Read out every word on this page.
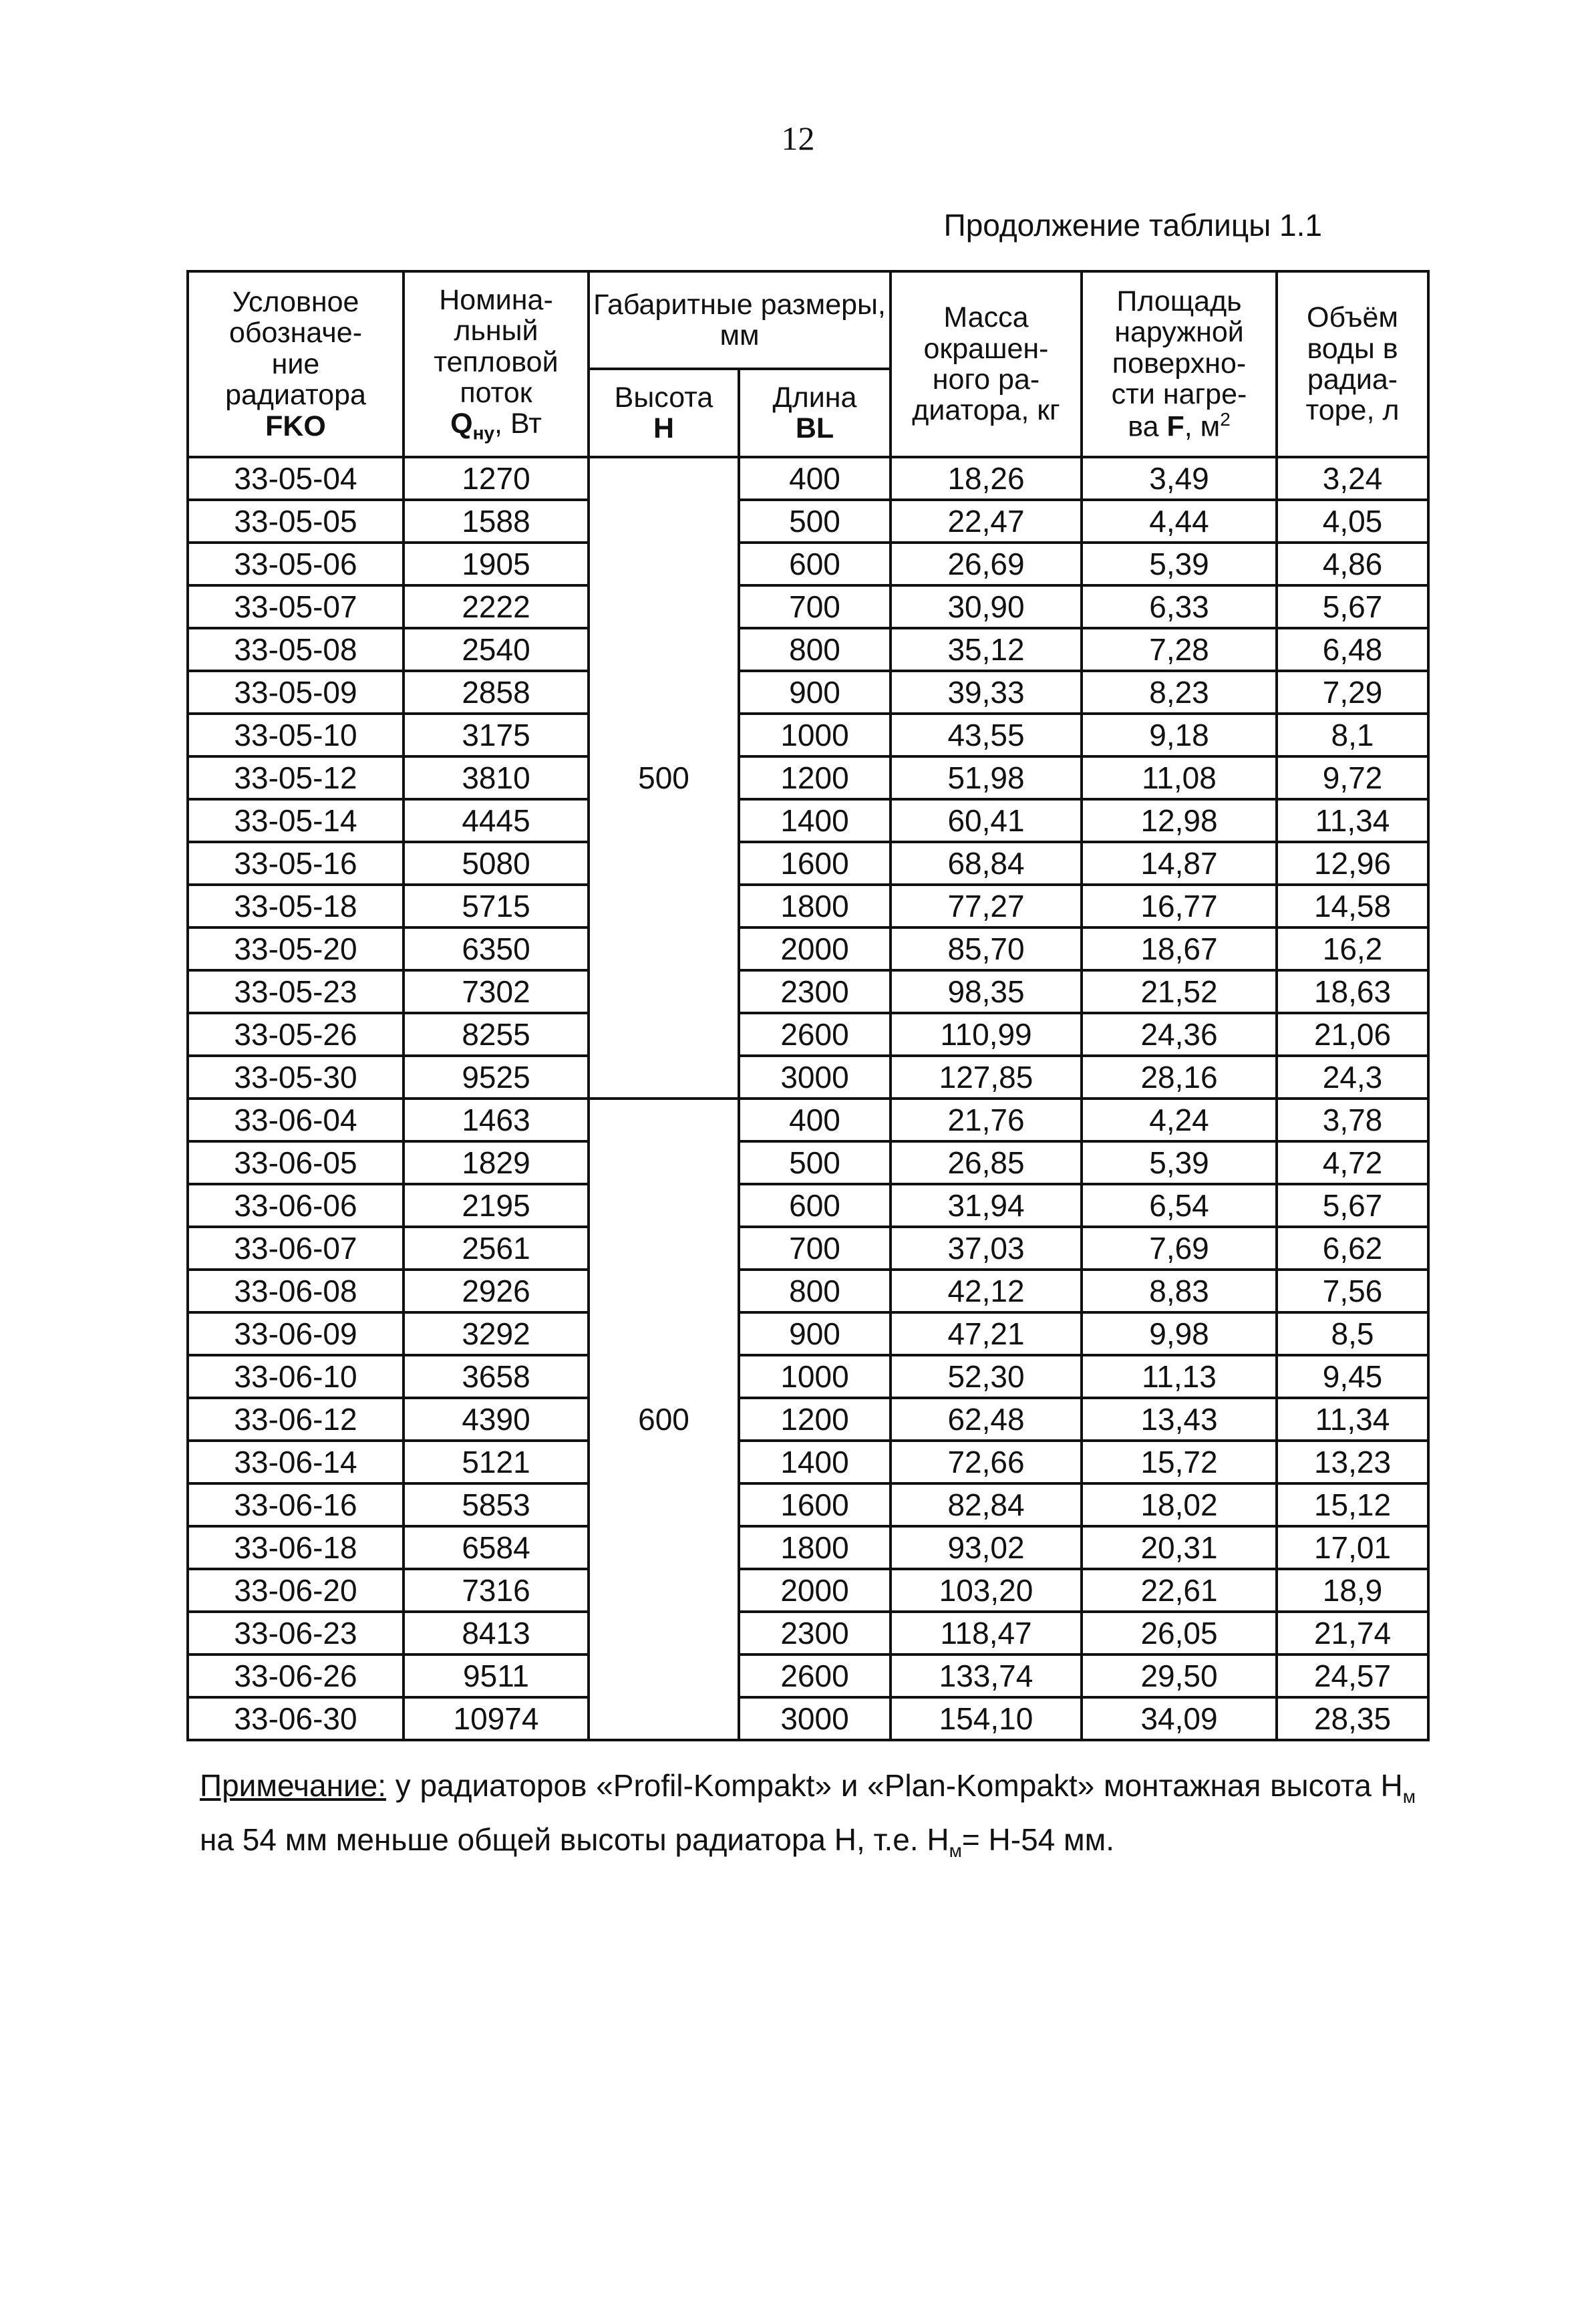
12
Продолжение таблицы 1.1
Условное
обозначе-
ние
радиатора
FKO	Номина-
льный
тепловой
поток
$Q_{ну}$, Вт	Габаритные размеры, мм		Масса
окрашен-
ного ра-
диатора, кг	Площадь
наружной
поверхно-
сти нагре-
ва F, $м^2$	Объём
воды в
радиа-
торе, л
		Высота
H	Длина
BL			
33-05-04	1270	500	400	18,26	3,49	3,24
33-05-05	1588		500	22,47	4,44	4,05
33-05-06	1905		600	26,69	5,39	4,86
33-05-07	2222		700	30,90	6,33	5,67
33-05-08	2540		800	35,12	7,28	6,48
33-05-09	2858		900	39,33	8,23	7,29
33-05-10	3175		1000	43,55	9,18	8,1
33-05-12	3810		1200	51,98	11,08	9,72
33-05-14	4445		1400	60,41	12,98	11,34
33-05-16	5080		1600	68,84	14,87	12,96
33-05-18	5715		1800	77,27	16,77	14,58
33-05-20	6350		2000	85,70	18,67	16,2
33-05-23	7302		2300	98,35	21,52	18,63
33-05-26	8255		2600	110,99	24,36	21,06
33-05-30	9525		3000	127,85	28,16	24,3
33-06-04	1463	600	400	21,76	4,24	3,78
33-06-05	1829		500	26,85	5,39	4,72
33-06-06	2195		600	31,94	6,54	5,67
33-06-07	2561		700	37,03	7,69	6,62
33-06-08	2926		800	42,12	8,83	7,56
33-06-09	3292		900	47,21	9,98	8,5
33-06-10	3658		1000	52,30	11,13	9,45
33-06-12	4390		1200	62,48	13,43	11,34
33-06-14	5121		1400	72,66	15,72	13,23
33-06-16	5853		1600	82,84	18,02	15,12
33-06-18	6584		1800	93,02	20,31	17,01
33-06-20	7316		2000	103,20	22,61	18,9
33-06-23	8413		2300	118,47	26,05	21,74
33-06-26	9511		2600	133,74	29,50	24,57
33-06-30	10974		3000	154,10	34,09	28,35
Примечание: у радиаторов «Profil-Kompakt» и «Plan-Kompakt» монтажная высота $H_м$ на 54 мм меньше общей высоты радиатора H, т.е. $H_м= H-54$ мм.
